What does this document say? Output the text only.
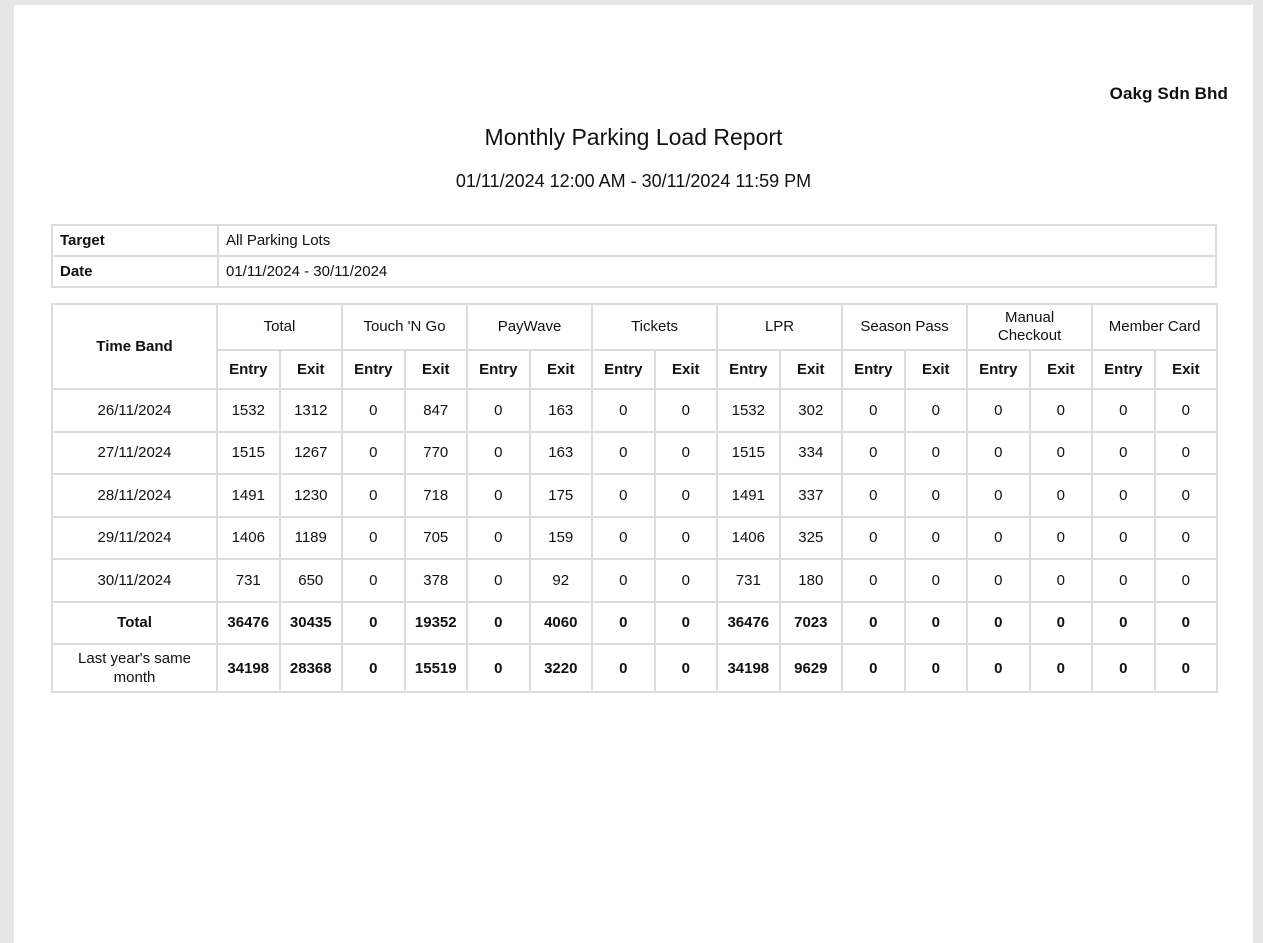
Oakg Sdn Bhd
Monthly Parking Load Report
01/11/2024 12:00 AM - 30/11/2024 11:59 PM
Target	All Parking Lots
Date	01/11/2024 - 30/11/2024
Time Band	Total		Touch 'N Go		PayWave		Tickets		LPR		Season Pass		Manual Checkout		Member Card	
	Entry	Exit	Entry	Exit	Entry	Exit	Entry	Exit	Entry	Exit	Entry	Exit	Entry	Exit	Entry	Exit
26/11/2024	1532	1312	0	847	0	163	0	0	1532	302	0	0	0	0	0	0
27/11/2024	1515	1267	0	770	0	163	0	0	1515	334	0	0	0	0	0	0
28/11/2024	1491	1230	0	718	0	175	0	0	1491	337	0	0	0	0	0	0
29/11/2024	1406	1189	0	705	0	159	0	0	1406	325	0	0	0	0	0	0
30/11/2024	731	650	0	378	0	92	0	0	731	180	0	0	0	0	0	0
Total	36476	30435	0	19352	0	4060	0	0	36476	7023	0	0	0	0	0	0
Last year's same month	34198	28368	0	15519	0	3220	0	0	34198	9629	0	0	0	0	0	0
